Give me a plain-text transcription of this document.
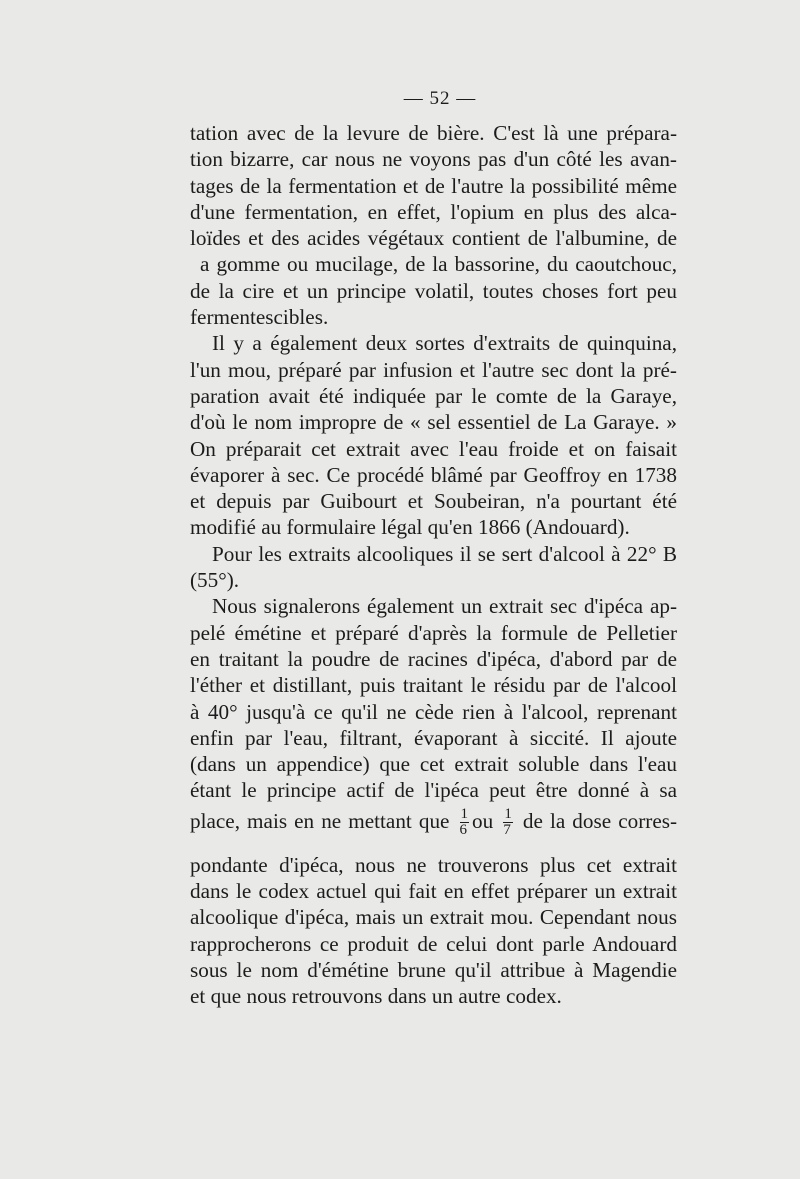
— 52 —
tation avec de la levure de bière. C'est là une prépara-
tion bizarre, car nous ne voyons pas d'un côté les avan-
tages de la fermentation et de l'autre la possibilité même
d'une fermentation, en effet, l'opium en plus des alca-
loïdes et des acides végétaux contient de l'albumine, de
a gomme ou mucilage, de la bassorine, du caoutchouc,
de la cire et un principe volatil, toutes choses fort peu
fermentescibles.
Il y a également deux sortes d'extraits de quinquina,
l'un mou, préparé par infusion et l'autre sec dont la pré-
paration avait été indiquée par le comte de la Garaye,
d'où le nom impropre de « sel essentiel de La Garaye. »
On préparait cet extrait avec l'eau froide et on faisait
évaporer à sec. Ce procédé blâmé par Geoffroy en 1738
et depuis par Guibourt et Soubeiran, n'a pourtant été
modifié au formulaire légal qu'en 1866 (Andouard).
Pour les extraits alcooliques il se sert d'alcool à 22° B
(55°).
Nous signalerons également un extrait sec d'ipéca ap-
pelé émétine et préparé d'après la formule de Pelletier
en traitant la poudre de racines d'ipéca, d'abord par de
l'éther et distillant, puis traitant le résidu par de l'alcool
à 40° jusqu'à ce qu'il ne cède rien à l'alcool, reprenant
enfin par l'eau, filtrant, évaporant à siccité. Il ajoute
(dans un appendice) que cet extrait soluble dans l'eau
étant le principe actif de l'ipéca peut être donné à sa
place, mais en ne mettant que $\frac{1}{6}$ ou $\frac{1}{7}$ de la dose corres-
pondante d'ipéca, nous ne trouverons plus cet extrait
dans le codex actuel qui fait en effet préparer un extrait
alcoolique d'ipéca, mais un extrait mou. Cependant nous
rapprocherons ce produit de celui dont parle Andouard
sous le nom d'émétine brune qu'il attribue à Magendie
et que nous retrouvons dans un autre codex.
